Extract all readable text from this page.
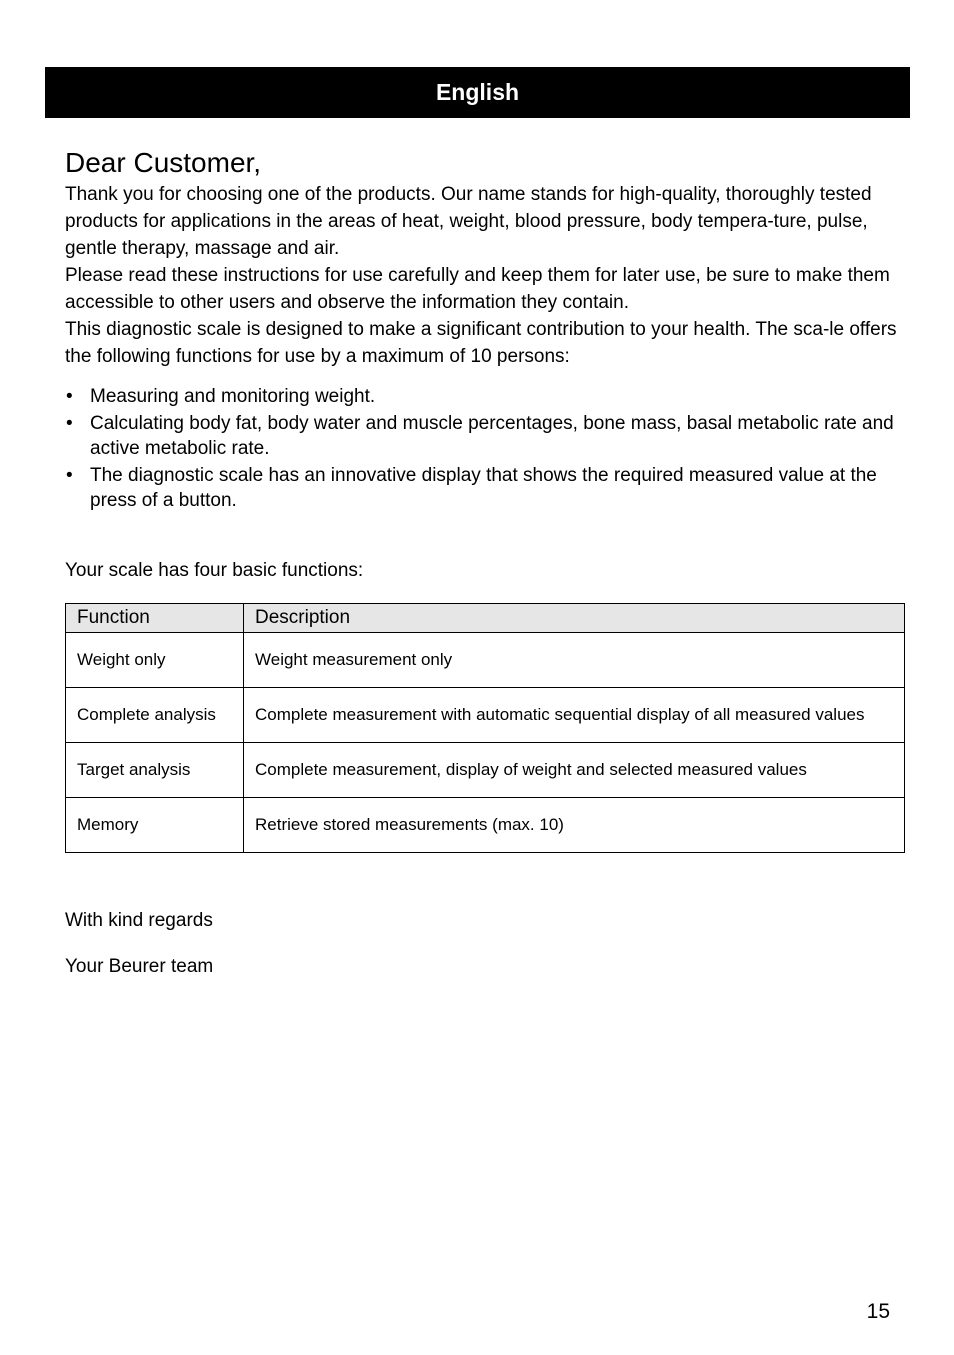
English
Dear Customer,

Thank you for choosing one of the products. Our name stands for high-quality, thoroughly tested products for applications in the areas of heat, weight, blood pressure, body tempera-ture, pulse, gentle therapy, massage and air.

Please read these instructions for use carefully and keep them for later use, be sure to make them accessible to other users and observe the information they contain.

This diagnostic scale is designed to make a significant contribution to your health. The sca-le offers the following functions for use by a maximum of 10 persons:

• Measuring and monitoring weight.
• Calculating body fat, body water and muscle percentages, bone mass, basal metabolic rate and active metabolic rate.
• The diagnostic scale has an innovative display that shows the required measured value at the press of a button.

Your scale has four basic functions:

Function	Description
Weight only	Weight measurement only
Complete analysis	Complete measurement with automatic sequential display of all measured values
Target analysis	Complete measurement, display of weight and selected measured values
Memory	Retrieve stored measurements (max. 10)

With kind regards

Your Beurer team

15
